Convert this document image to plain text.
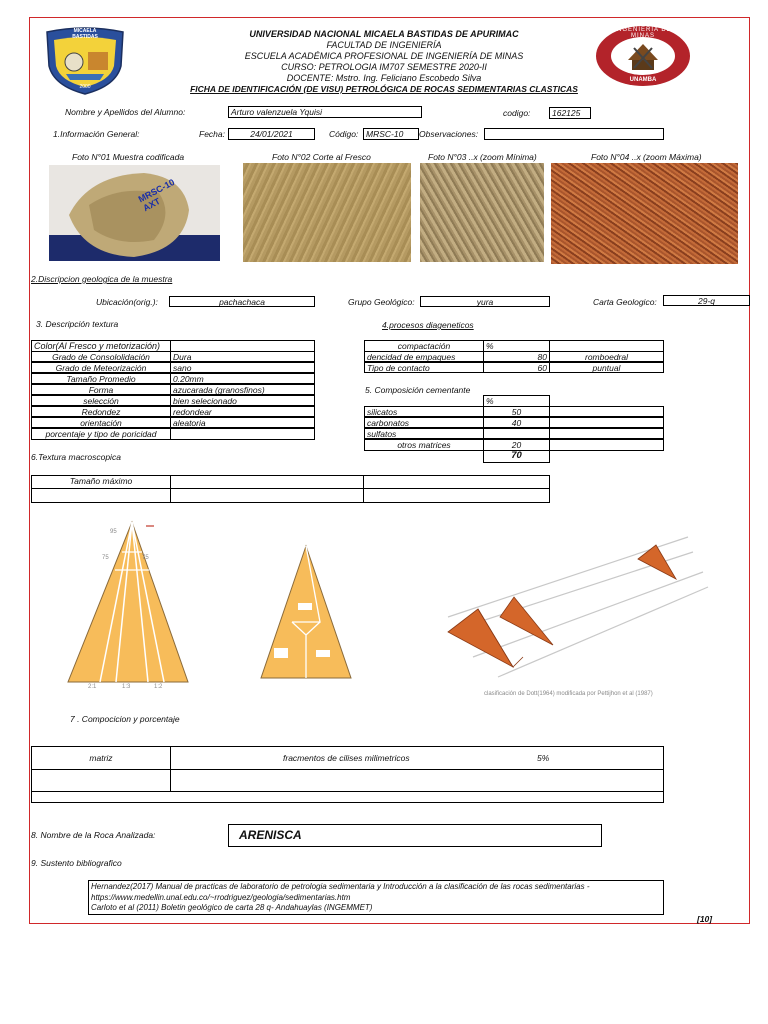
MICAELA BASTIDAS
2000
INGENIERIA DE MINAS
UNAMBA
UNIVERSIDAD NACIONAL MICAELA BASTIDAS DE APURIMAC
FACULTAD DE INGENIERÍA
ESCUELA ACADÉMICA PROFESIONAL DE INGENIERÍA DE MINAS
CURSO: PETROLOGIA IM707 SEMESTRE 2020-II
DOCENTE: Mstro. Ing. Feliciano Escobedo Silva
FICHA DE IDENTIFICACIÓN (DE VISU) PETROLÓGICA DE ROCAS SEDIMENTARIAS CLASTICAS
Nombre y Apellidos del Alumno:	Arturo valenzuela Yquisi	codigo:	162125
1.Información General:	Fecha:	24/01/2021	Código: MRSC-10	Observaciones:
Foto N°01 Muestra codificada	Foto N°02 Corte al Fresco	Foto N°03 ..x (zoom Mínima)	Foto N°04 ..x (zoom Máxima)
MRSC-10 AXT
2.Discripcion geologica de la muestra
Ubicación(orig.):	pachachaca	Grupo Geológico:	yura	Carta Geologico:	29-q
3. Descripción textura	4.procesos diageneticos
Color(Al Fresco y metorización)
Grado de Consololidación	Dura
Grado de Meteorización	sano
Tamaño Promedio	0.20mm
Forma	azucarada (granosfinos)
selección	bien selecionado
Redondez	redondear
orientación	aleatoria
porcentaje y tipo de poricidad
compactación	%
dencidad de empaques	80	romboedral
Tipo de contacto	60	puntual
5. Composición cementante
%
silicatos	50
carbonatos	40
sulfatos
otros matrices	20
70
6.Textura macroscopica
Tamaño máximo
95
75	75
2:1	1:3	1:2
clasificación de Dott(1964) modificada por Pettijhon et al (1987)
7 . Compocicion y porcentaje
matriz	fracmentos de cilises milimetricos	5%
8. Nombre de la Roca Analizada:	ARENISCA
9. Sustento bibliografico
Hernandez(2017) Manual de practicas de laboratorio de petrologia sedimentaria y Introducción a la clasificación de las rocas sedimentarias -
https://www.medellin.unal.edu.co/~rrodriguez/geologia/sedimentarias.htm
Carloto et al (2011) Boletin geológico de carta 28 q- Andahuaylas (INGEMMET)
[10]
